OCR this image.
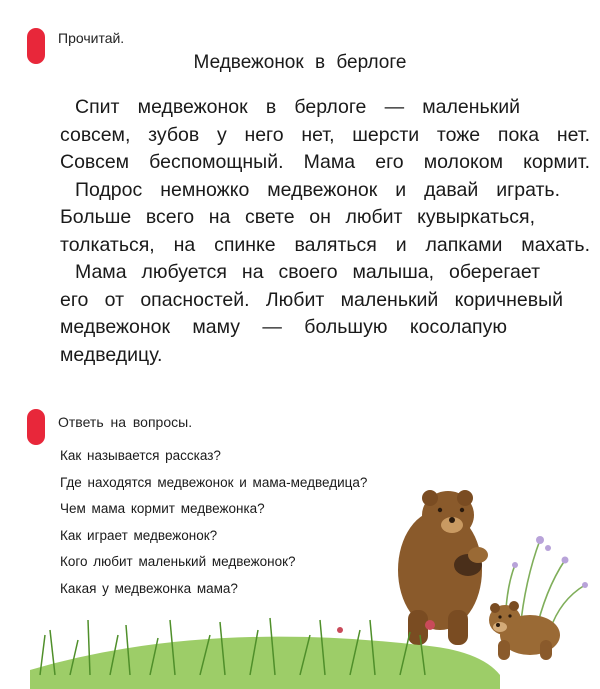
Прочитай.
Медвежонок в берлоге

Спит медвежонок в берлоге — маленький
совсем, зубов у него нет, шерсти тоже пока нет.
Совсем беспомощный. Мама его молоком кормит.

Подрос немножко медвежонок и давай играть.
Больше всего на свете он любит кувыркаться,
толкаться, на спинке валяться и лапками махать.

Мама любуется на своего малыша, оберегает
его от опасностей. Любит маленький коричневый
медвежонок маму — большую косолапую
медведицу.

Ответь на вопросы.
Как называется рассказ?
Где находятся медвежонок и мама-медведица?
Чем мама кормит медвежонка?
Как играет медвежонок?
Кого любит маленький медвежонок?
Какая у медвежонка мама?
